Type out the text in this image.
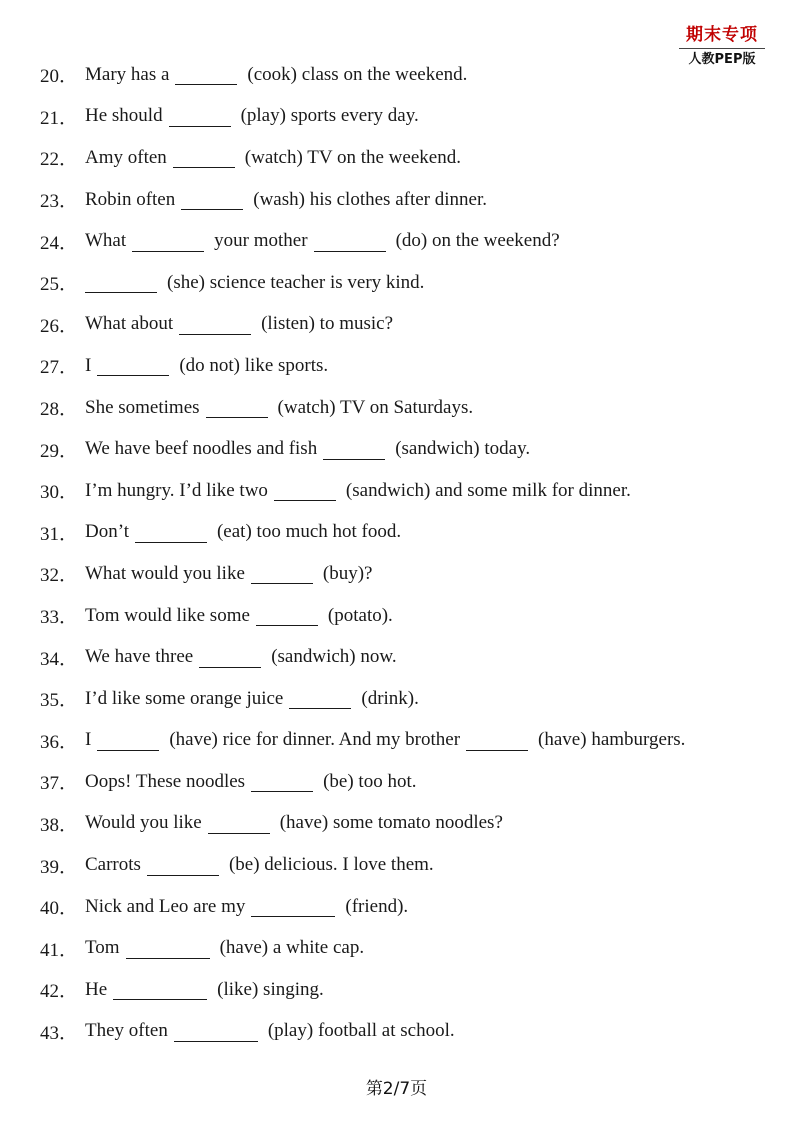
期末专项
人教PEP版
20． Mary has a	(cook) class on the weekend.
21． He should	(play) sports every day.
22． Amy often	(watch) TV on the weekend.
23． Robin often	(wash) his clothes after dinner.
24． What	your mother	(do) on the weekend?
25．	(she) science teacher is very kind.
26． What about	(listen) to music?
27． I	(do not) like sports.
28． She sometimes	(watch) TV on Saturdays.
29． We have beef noodles and fish	(sandwich) today.
30． I’m hungry. I’d like two	(sandwich) and some milk for dinner.
31． Don’t	(eat) too much hot food.
32． What would you like	(buy)?
33． Tom would like some	(potato).
34． We have three	(sandwich) now.
35． I’d like some orange juice	(drink).
36． I	(have) rice for dinner. And my brother	(have) hamburgers.
37． Oops! These noodles	(be) too hot.
38． Would you like	(have) some tomato noodles?
39． Carrots	(be) delicious. I love them.
40． Nick and Leo are my	(friend).
41． Tom	(have) a white cap.
42． He	(like) singing.
43． They often	(play) football at school.
第2/7页
